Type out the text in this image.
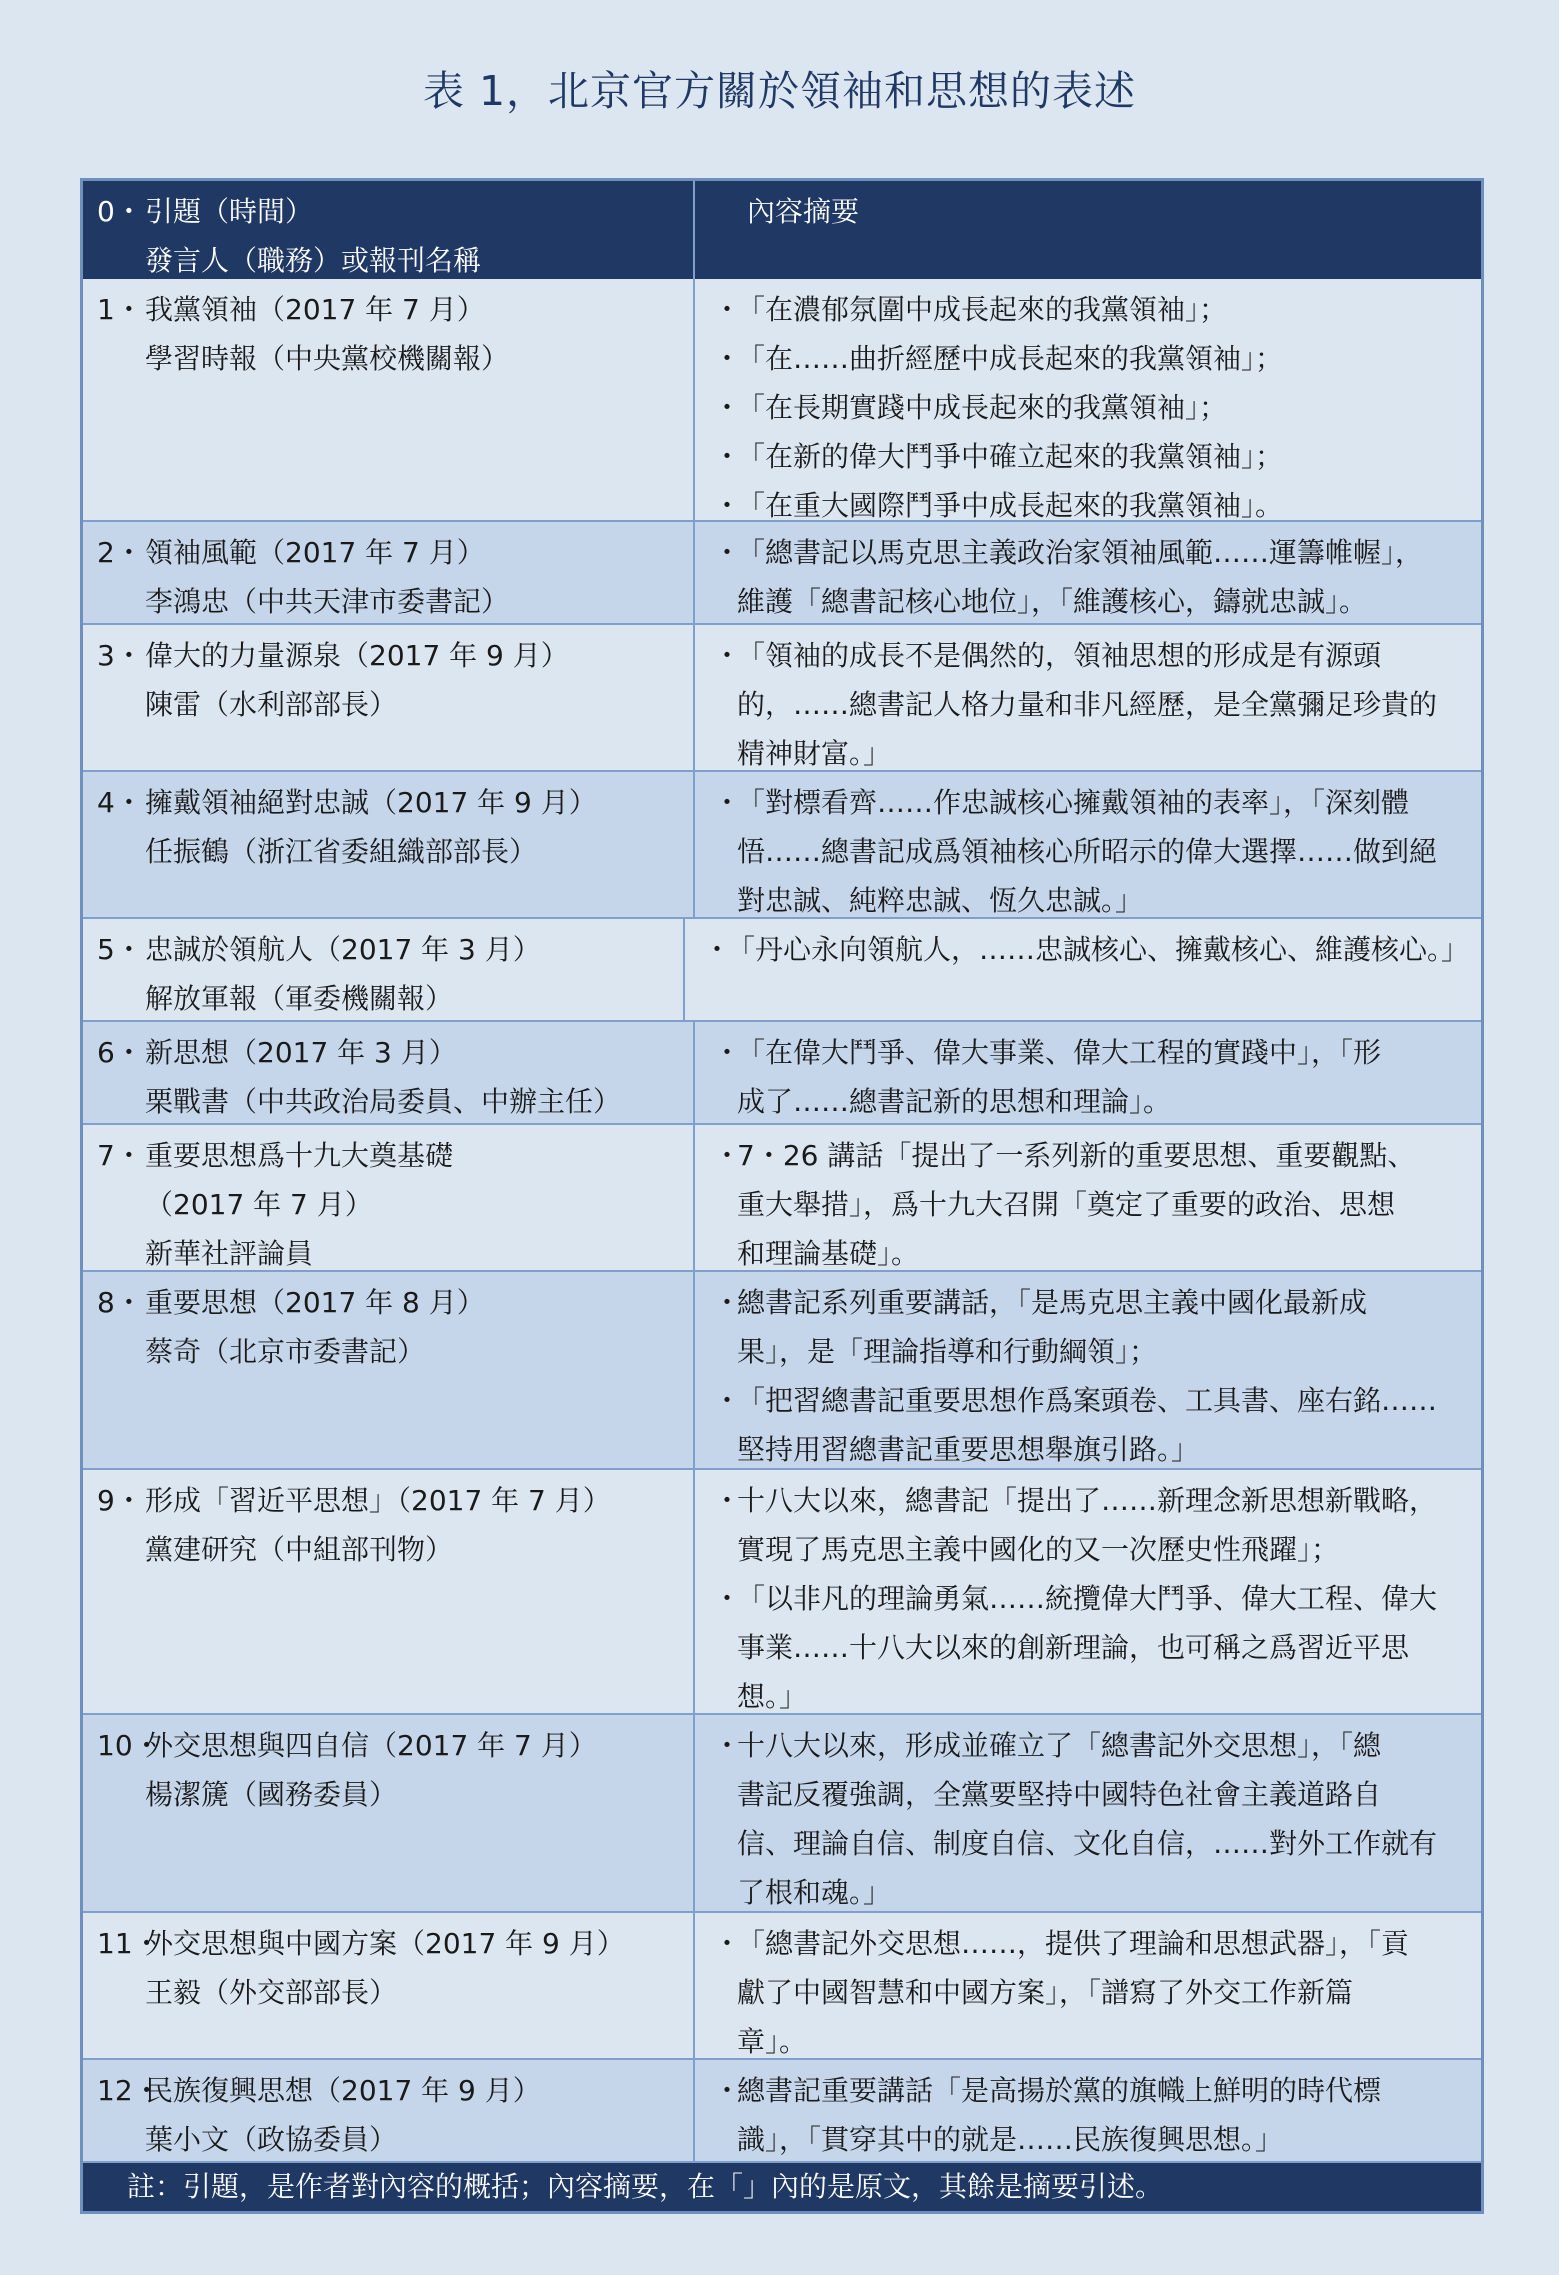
表 1，北京官方關於領袖和思想的表述
0・引題（時間）
發言人（職務）或報刊名稱
內容摘要
1・我黨領袖（2017 年 7 月）
學習時報（中央黨校機關報）
・
「在濃郁氛圍中成長起來的我黨領袖」；
・
「在……曲折經歷中成長起來的我黨領袖」；
・
「在長期實踐中成長起來的我黨領袖」；
・
「在新的偉大鬥爭中確立起來的我黨領袖」；
・
「在重大國際鬥爭中成長起來的我黨領袖」。
2・領袖風範（2017 年 7 月）
李鴻忠（中共天津市委書記）
・
「總書記以馬克思主義政治家領袖風範……運籌帷幄」，
維護「總書記核心地位」，「維護核心，鑄就忠誠」。
3・偉大的力量源泉（2017 年 9 月）
陳雷（水利部部長）
・
「領袖的成長不是偶然的，領袖思想的形成是有源頭
的，……總書記人格力量和非凡經歷，是全黨彌足珍貴的
精神財富。」
4・擁戴領袖絕對忠誠（2017 年 9 月）
任振鶴（浙江省委組織部部長）
・
「對標看齊……作忠誠核心擁戴領袖的表率」，「深刻體
悟……總書記成爲領袖核心所昭示的偉大選擇……做到絕
對忠誠、純粹忠誠、恆久忠誠。」
5・忠誠於領航人（2017 年 3 月）
解放軍報（軍委機關報）
・
「丹心永向領航人，……忠誠核心、擁戴核心、維護核心。」
6・新思想（2017 年 3 月）
栗戰書（中共政治局委員、中辦主任）
・
「在偉大鬥爭、偉大事業、偉大工程的實踐中」，「形
成了……總書記新的思想和理論」。
7・重要思想爲十九大奠基礎
（2017 年 7 月）
新華社評論員
・
7・26 講話「提出了一系列新的重要思想、重要觀點、
重大舉措」，爲十九大召開「奠定了重要的政治、思想
和理論基礎」。
8・重要思想（2017 年 8 月）
蔡奇（北京市委書記）
・
總書記系列重要講話，「是馬克思主義中國化最新成
果」，是「理論指導和行動綱領」；
・
「把習總書記重要思想作爲案頭卷、工具書、座右銘……
堅持用習總書記重要思想舉旗引路。」
9・形成「習近平思想」（2017 年 7 月）
黨建研究（中組部刊物）
・
十八大以來，總書記「提出了……新理念新思想新戰略，
實現了馬克思主義中國化的又一次歷史性飛躍」；
・
「以非凡的理論勇氣……統攬偉大鬥爭、偉大工程、偉大
事業……十八大以來的創新理論，也可稱之爲習近平思
想。」
10・外交思想與四自信（2017 年 7 月）
楊潔篪（國務委員）
・
十八大以來，形成並確立了「總書記外交思想」，「總
書記反覆強調，全黨要堅持中國特色社會主義道路自
信、理論自信、制度自信、文化自信，……對外工作就有
了根和魂。」
11・外交思想與中國方案（2017 年 9 月）
王毅（外交部部長）
・
「總書記外交思想……，提供了理論和思想武器」，「貢
獻了中國智慧和中國方案」，「譜寫了外交工作新篇
章」。
12・民族復興思想（2017 年 9 月）
葉小文（政協委員）
・
總書記重要講話「是高揚於黨的旗幟上鮮明的時代標
識」，「貫穿其中的就是……民族復興思想。」
註：引題，是作者對內容的概括；內容摘要，在「」內的是原文，其餘是摘要引述。
